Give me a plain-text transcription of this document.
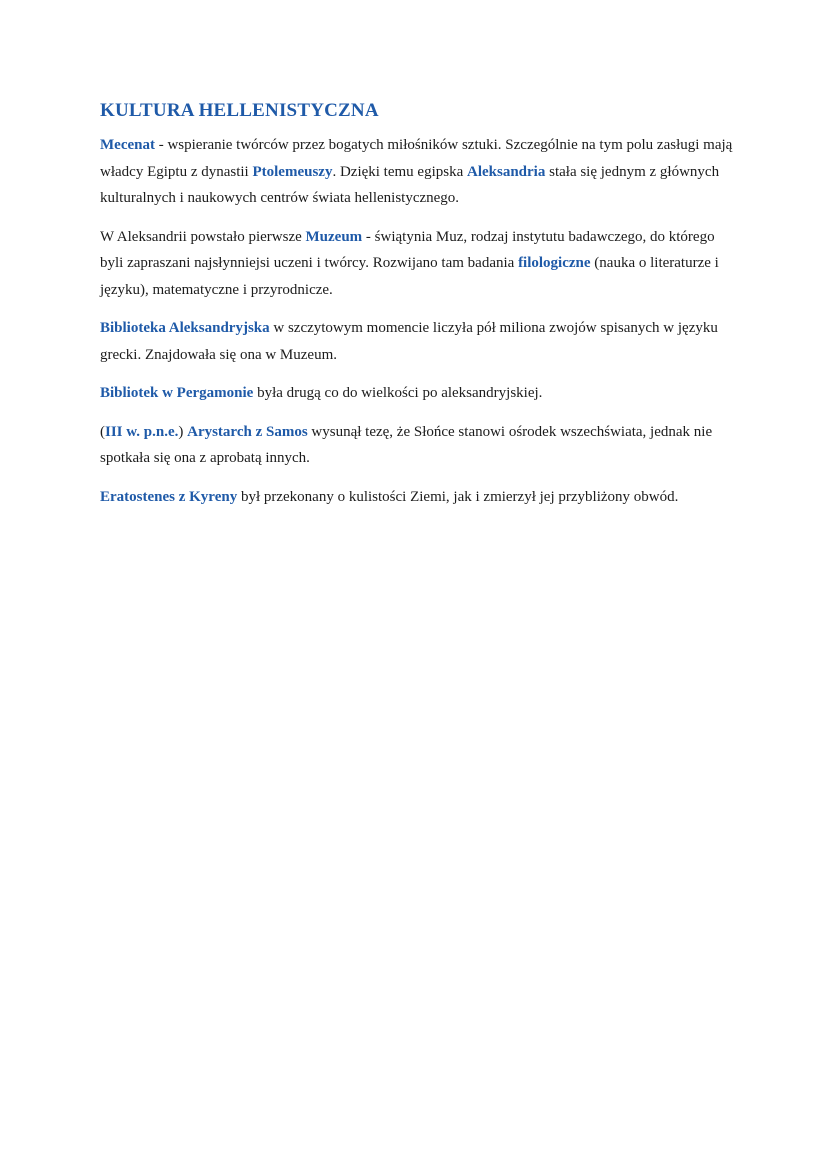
KULTURA HELLENISTYCZNA

Mecenat - wspieranie twórców przez bogatych miłośników sztuki. Szczególnie na tym polu zasługi mają władcy Egiptu z dynastii Ptolemeuszy. Dzięki temu egipska Aleksandria stała się jednym z głównych kulturalnych i naukowych centrów świata hellenistycznego.

W Aleksandrii powstało pierwsze Muzeum - świątynia Muz, rodzaj instytutu badawczego, do którego byli zapraszani najsłynniejsi uczeni i twórcy. Rozwijano tam badania filologiczne (nauka o literaturze i języku), matematyczne i przyrodnicze.

Biblioteka Aleksandryjska w szczytowym momencie liczyła pół miliona zwojów spisanych w języku grecki. Znajdowała się ona w Muzeum.

Bibliotek w Pergamonie była drugą co do wielkości po aleksandryjskiej.

(III w. p.n.e.) Arystarch z Samos wysunął tezę, że Słońce stanowi ośrodek wszechświata, jednak nie spotkała się ona z aprobatą innych.

Eratostenes z Kyreny był przekonany o kulistości Ziemi, jak i zmierzył jej przybliżony obwód.
